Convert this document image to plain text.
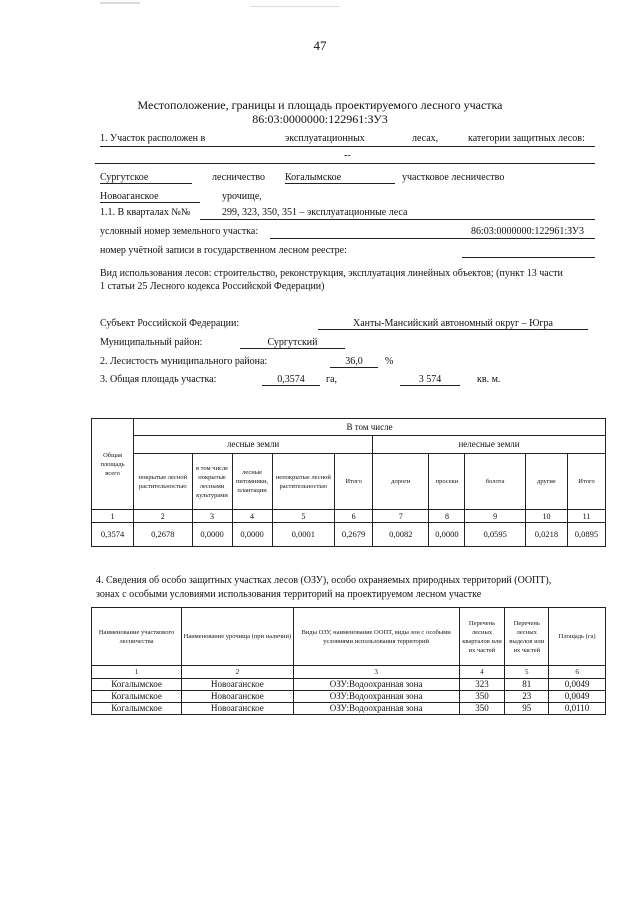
47
Местоположение, границы и площадь проектируемого лесного участка
86:03:0000000:122961:ЗУ3
1. Участок расположен в	эксплуатационных	лесах,	категории защитных лесов:
--
Сургутское	лесничество Когалымское	участковое лесничество
Новоаганское	урочище,
1.1. В кварталах №№	299, 323, 350, 351 – эксплуатационные леса
условный номер земельного участка:	86:03:0000000:122961:ЗУ3
номер учётной записи в государственном лесном реестре:
Вид использования лесов: строительство, реконструкция, эксплуатация линейных объектов; (пункт 13 части
1 статьи 25 Лесного кодекса Российской Федерации)
Субъект Российской Федерации:	Ханты-Мансийский автономный округ – Югра
Муниципальный район:	Сургутский
2. Лесистость муниципального района:	36,0	%
3. Общая площадь участка:	0,3574	га,	3 574	кв. м.
Общая площадь всего	В том числе									
	лесные земли					нелесные земли				
	покрытые лесной растительностью	в том числе покрытые лесными культурами	лесные питомники, плантации	непокрытые лесной растительностью	Итого	дороги	просеки	болота	другие	Итого
1	2	3	4	5	6	7	8	9	10	11
0,3574	0,2678	0,0000	0,0000	0,0001	0,2679	0,0082	0,0000	0,0595	0,0218	0,0895
4. Сведения об особо защитных участках лесов (ОЗУ), особо охраняемых природных территорий (ООПТ),
зонах с особыми условиями использования территорий на проектируемом лесном участке
Наименование участкового лесничества	Наименование урочища (при наличии)	Виды ОЗУ, наименование ООПТ, виды зон с особыми условиями использования территорий	Перечень лесных кварталов или их частей	Перечень лесных выделов или их частей	Площадь (га)
1	2	3	4	5	6
Когалымское	Новоаганское	ОЗУ:Водоохранная зона	323	81	0,0049
Когалымское	Новоаганское	ОЗУ:Водоохранная зона	350	23	0,0049
Когалымское	Новоаганское	ОЗУ:Водоохранная зона	350	95	0,0110
